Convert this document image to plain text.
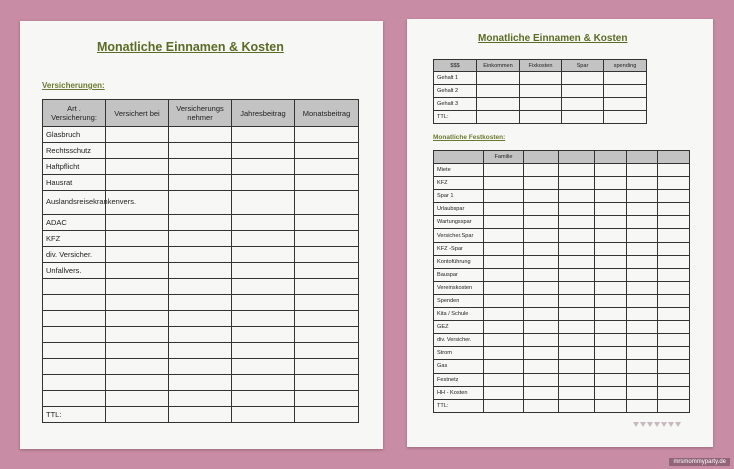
Monatliche Einnamen & Kosten
Versicherungen:
Art . Versicherung:	Versichert bei	Versicherungs nehmer	Jahresbeitrag	Monatsbeitrag
Glasbruch				
Rechtsschutz				
Haftpflicht				
Hausrat				
Auslandsreisekrankenvers.				
ADAC				
KFZ				
div. Versicher.				
Unfallvers.				

TTL:				
Monatliche Einnamen & Kosten
$$$	Einkommen	Fixkosten	Spar	spending
Gehalt 1				
Gehalt 2				
Gehalt 3				
TTL:				
Monatliche Festkosten:
	Familie					
Miete						
KFZ						
Spar 1						
Urlaubspar						
Wartungsspar						
Versicher.Spar						
KFZ -Spar						
Kontoführung						
Bauspar						
Vereinskosten						
Spenden						
Kita / Schule						
GEZ						
div. Versicher.						
Strom						
Gas						
Festnetz						
HH - Kosten						
TTL:						
mrsmommyparty.de
